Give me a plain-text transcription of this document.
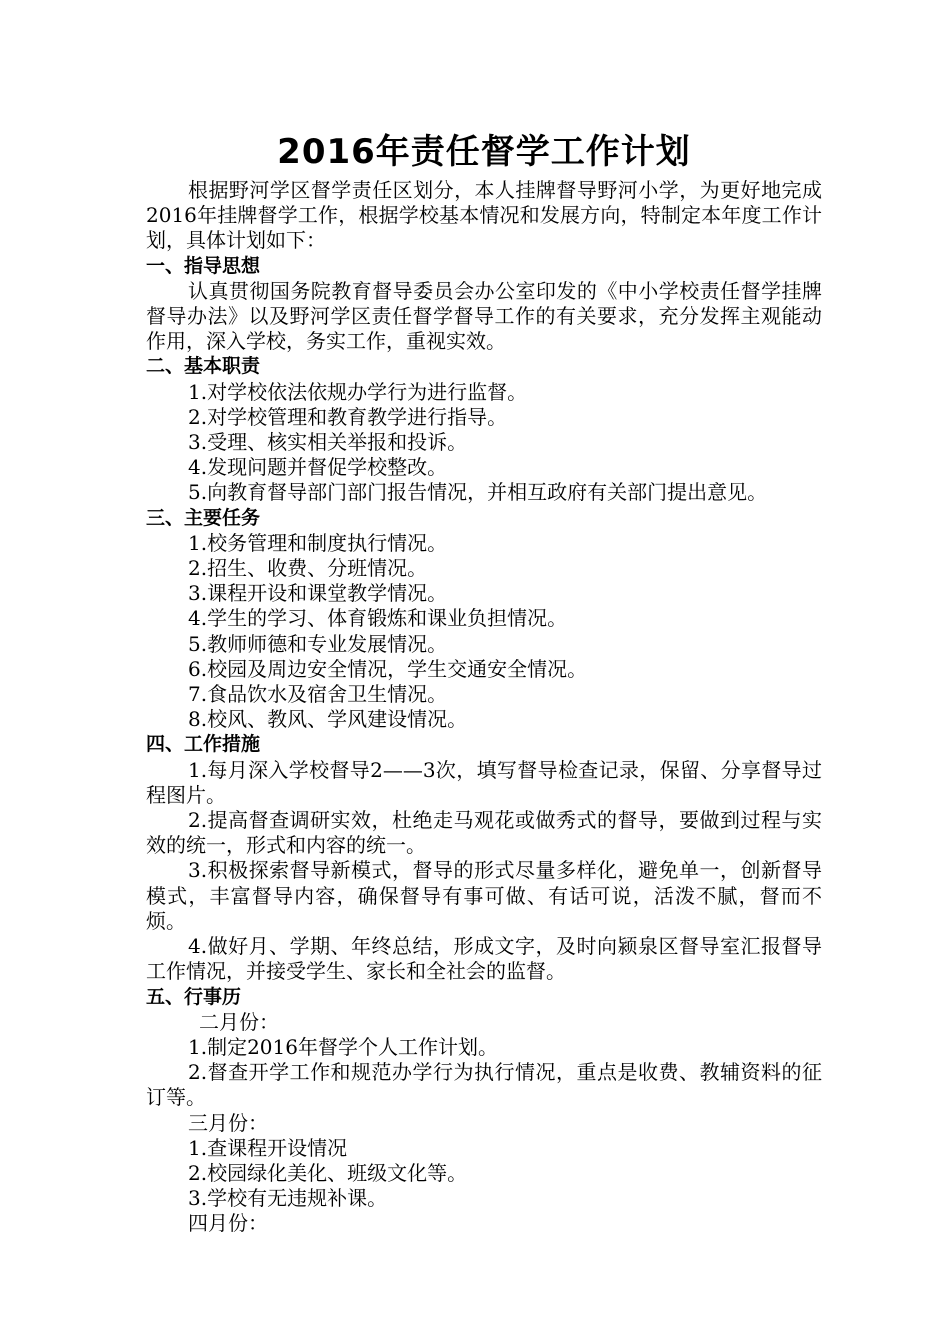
2016年责任督学工作计划

根据野河学区督学责任区划分，本人挂牌督导野河小学，为更好地完成2016年挂牌督学工作，根据学校基本情况和发展方向，特制定本年度工作计划，具体计划如下：

一、指导思想

认真贯彻国务院教育督导委员会办公室印发的《中小学校责任督学挂牌督导办法》以及野河学区责任督学督导工作的有关要求，充分发挥主观能动作用，深入学校，务实工作，重视实效。

二、基本职责
1.对学校依法依规办学行为进行监督。
2.对学校管理和教育教学进行指导。
3.受理、核实相关举报和投诉。
4.发现问题并督促学校整改。
5.向教育督导部门部门报告情况，并相互政府有关部门提出意见。
三、主要任务
1.校务管理和制度执行情况。
2.招生、收费、分班情况。
3.课程开设和课堂教学情况。
4.学生的学习、体育锻炼和课业负担情况。
5.教师师德和专业发展情况。
6.校园及周边安全情况，学生交通安全情况。
7.食品饮水及宿舍卫生情况。
8.校风、教风、学风建设情况。
四、工作措施
1.每月深入学校督导2——3次，填写督导检查记录，保留、分享督导过程图片。
2.提高督查调研实效，杜绝走马观花或做秀式的督导，要做到过程与实效的统一，形式和内容的统一。
3.积极探索督导新模式，督导的形式尽量多样化，避免单一，创新督导模式，丰富督导内容，确保督导有事可做、有话可说，活泼不腻，督而不烦。
4.做好月、学期、年终总结，形成文字，及时向颍泉区督导室汇报督导工作情况，并接受学生、家长和全社会的监督。
五、行事历

二月份：

1.制定2016年督学个人工作计划。
2.督查开学工作和规范办学行为执行情况，重点是收费、教辅资料的征订等。

三月份：

1.查课程开设情况
2.校园绿化美化、班级文化等。
3.学校有无违规补课。

四月份：
